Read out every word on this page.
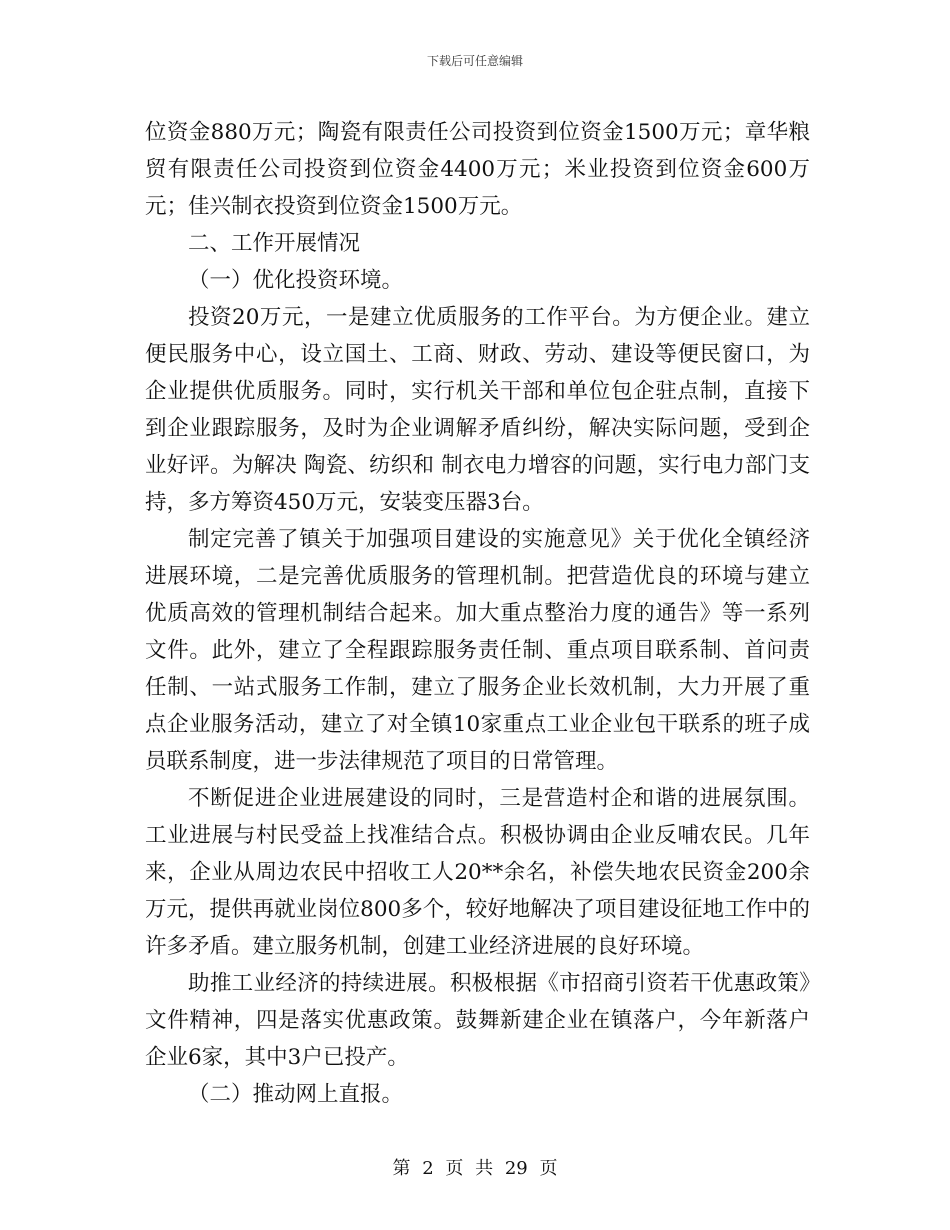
下载后可任意编辑

位资金880万元；陶瓷有限责任公司投资到位资金1500万元；章华粮贸有限责任公司投资到位资金4400万元；米业投资到位资金600万元；佳兴制衣投资到位资金1500万元。

二、工作开展情况

（一）优化投资环境。

投资20万元，一是建立优质服务的工作平台。为方便企业。建立便民服务中心，设立国土、工商、财政、劳动、建设等便民窗口，为企业提供优质服务。同时，实行机关干部和单位包企驻点制，直接下到企业跟踪服务，及时为企业调解矛盾纠纷，解决实际问题，受到企业好评。为解决 陶瓷、纺织和 制衣电力增容的问题，实行电力部门支持，多方筹资450万元，安装变压器3台。

制定完善了镇关于加强项目建设的实施意见》关于优化全镇经济进展环境，二是完善优质服务的管理机制。把营造优良的环境与建立优质高效的管理机制结合起来。加大重点整治力度的通告》等一系列文件。此外，建立了全程跟踪服务责任制、重点项目联系制、首问责任制、一站式服务工作制，建立了服务企业长效机制，大力开展了重点企业服务活动，建立了对全镇10家重点工业企业包干联系的班子成员联系制度，进一步法律规范了项目的日常管理。

不断促进企业进展建设的同时，三是营造村企和谐的进展氛围。工业进展与村民受益上找准结合点。积极协调由企业反哺农民。几年来，企业从周边农民中招收工人20**余名，补偿失地农民资金200余万元，提供再就业岗位800多个，较好地解决了项目建设征地工作中的许多矛盾。建立服务机制，创建工业经济进展的良好环境。

助推工业经济的持续进展。积极根据《市招商引资若干优惠政策》文件精神，四是落实优惠政策。鼓舞新建企业在镇落户，今年新落户企业6家，其中3户已投产。

（二）推动网上直报。

第 2 页 共 29 页
